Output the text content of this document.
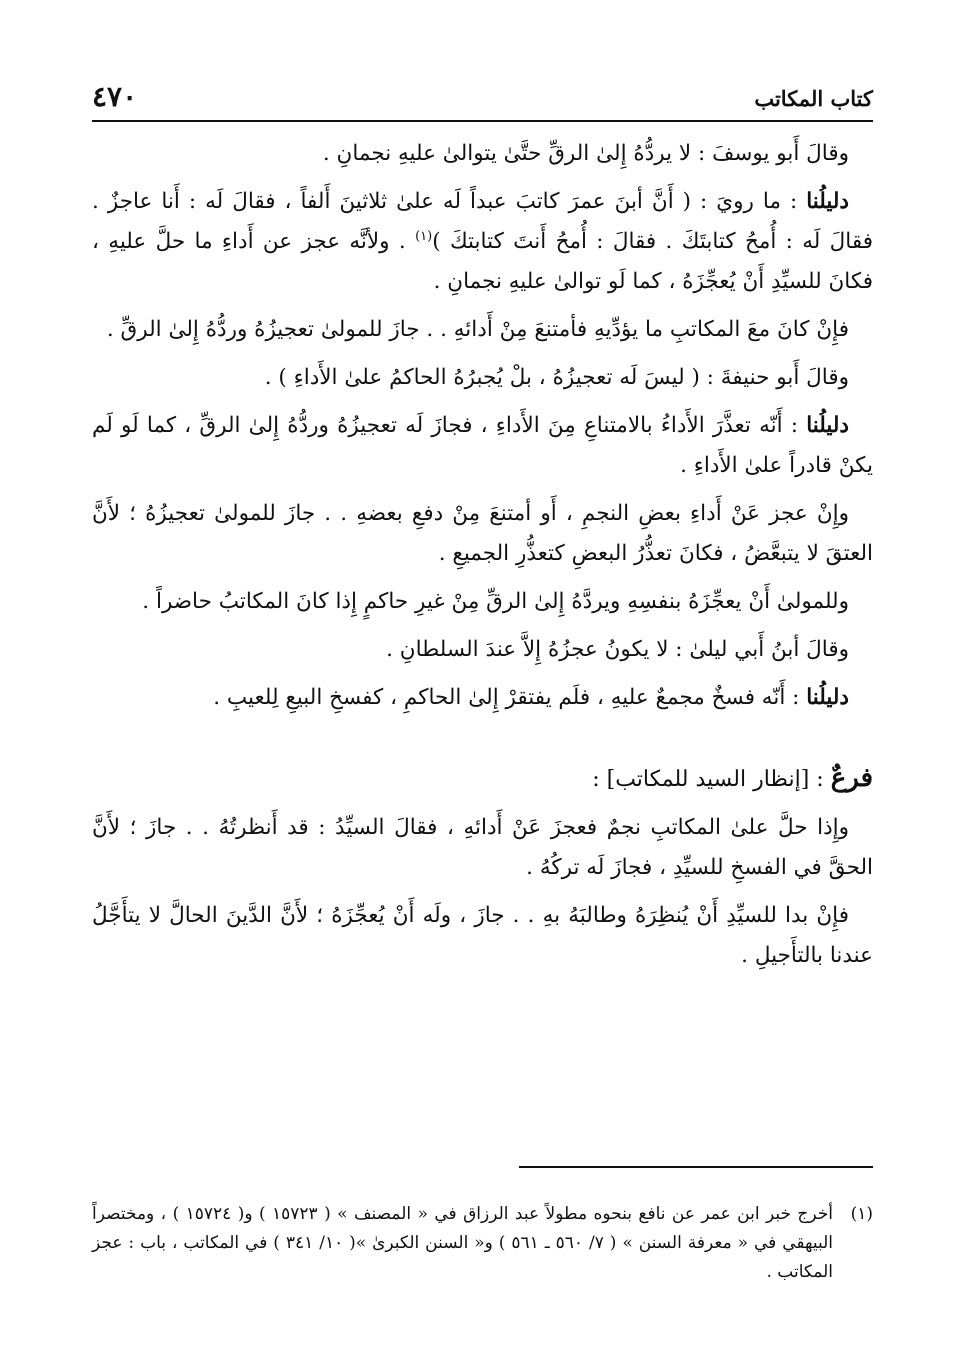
٤٧٠	كتاب المكاتب

وقالَ أَبو يوسفَ : لا يردُّهُ إِلىٰ الرقِّ حتَّىٰ يتوالىٰ عليهِ نجمانِ .

دليلُنا : ما رويَ : ( أَنَّ أبنَ عمرَ كاتبَ عبداً لَه علىٰ ثلاثينَ أَلفاً ، فقالَ لَه : أَنا عاجزٌ . فقالَ لَه : أُمحُ كتابتَكَ . فقالَ : أُمحُ أَنتَ كتابتكَ )$^{(١)}$ . ولأنَّه عجز عن أَداءِ ما حلَّ عليهِ ، فكانَ للسيِّدِ أَنْ يُعجِّزَهُ ، كما لَو توالىٰ عليهِ نجمانِ .

فإِنْ كانَ معَ المكاتبِ ما يؤدِّيهِ فأمتنعَ مِنْ أَدائهِ . . جازَ للمولىٰ تعجيزُهُ وردُّهُ إِلىٰ الرقِّ .

وقالَ أَبو حنيفةَ : ( ليسَ لَه تعجيزُهُ ، بلْ يُجبرُهُ الحاكمُ علىٰ الأَداءِ ) .

دليلُنا : أَنّه تعذَّرَ الأَداءُ بالامتناعِ مِنَ الأَداءِ ، فجازَ لَه تعجيزُهُ وردُّهُ إِلىٰ الرقِّ ، كما لَو لَم يكنْ قادراً علىٰ الأَداءِ .

وإِنْ عجز عَنْ أَداءِ بعضِ النجمِ ، أَو أمتنعَ مِنْ دفعِ بعضهِ . . جازَ للمولىٰ تعجيزُهُ ؛ لأَنَّ العتقَ لا يتبعَّضُ ، فكانَ تعذُّرُ البعضِ كتعذُّرِ الجميعِ .

وللمولىٰ أَنْ يعجِّزَهُ بنفسِهِ ويردَّهُ إِلىٰ الرقِّ مِنْ غيرِ حاكمٍ إِذا كانَ المكاتبُ حاضراً .

وقالَ أبنُ أَبي ليلىٰ : لا يكونُ عجزُهُ إِلاَّ عندَ السلطانِ .

دليلُنا : أَنّه فسخٌ مجمعٌ عليهِ ، فلَم يفتقرْ إِلىٰ الحاكمِ ، كفسخِ البيعِ لِلعيبِ .

فرعٌ : [إنظار السيد للمكاتب] :

وإِذا حلَّ علىٰ المكاتبِ نجمٌ فعجزَ عَنْ أَدائهِ ، فقالَ السيِّدُ : قد أَنظرتُهُ . . جازَ ؛ لأَنَّ الحقَّ في الفسخِ للسيِّدِ ، فجازَ لَه تركُهُ .

فإِنْ بدا للسيِّدِ أَنْ يُنظِرَهُ وطالبَهُ بهِ . . جازَ ، ولَه أَنْ يُعجِّزَهُ ؛ لأَنَّ الدَّينَ الحالَّ لا يتأَجَّلُ عندنا بالتأَجيلِ .

(١)
أخرج خبر ابن عمر عن نافع بنحوه مطولاً عبد الرزاق في « المصنف » ( ١٥٧٢٣ ) و( ١٥٧٢٤ ) ، ومختصراً البيهقي في « معرفة السنن » ( ٧/ ٥٦٠ ـ ٥٦١ ) و« السنن الكبرىٰ »( ١٠/ ٣٤١ ) في المكاتب ، باب : عجز المكاتب .
